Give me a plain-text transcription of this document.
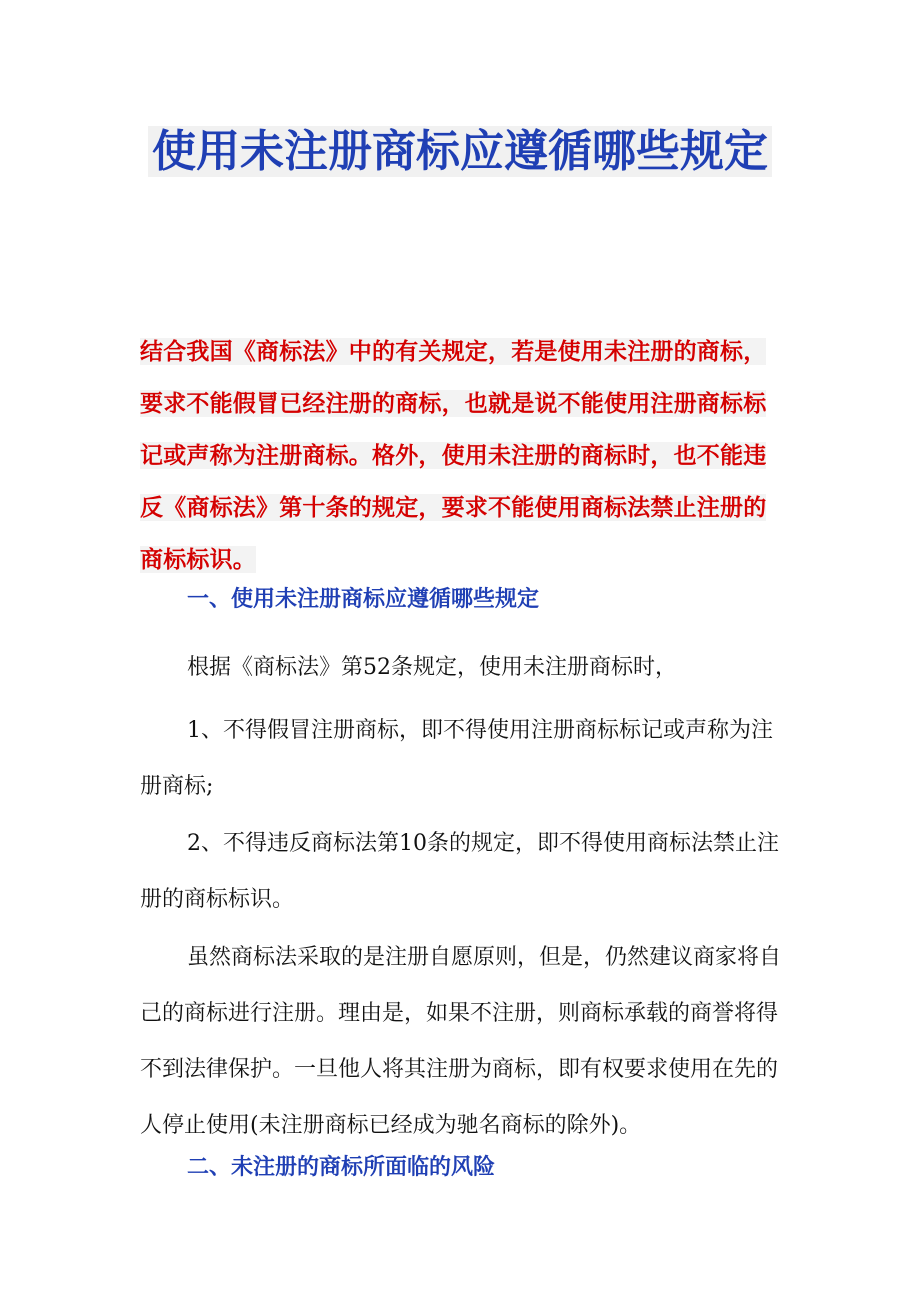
使用未注册商标应遵循哪些规定

结合我国《商标法》中的有关规定，若是使用未注册的商标，要求不能假冒已经注册的商标，也就是说不能使用注册商标标记或声称为注册商标。格外，使用未注册的商标时，也不能违反《商标法》第十条的规定，要求不能使用商标法禁止注册的商标标识。

一、使用未注册商标应遵循哪些规定

根据《商标法》第52条规定，使用未注册商标时，

1、不得假冒注册商标，即不得使用注册商标标记或声称为注册商标;

2、不得违反商标法第10条的规定，即不得使用商标法禁止注册的商标标识。

虽然商标法采取的是注册自愿原则，但是，仍然建议商家将自己的商标进行注册。理由是，如果不注册，则商标承载的商誉将得不到法律保护。一旦他人将其注册为商标，即有权要求使用在先的人停止使用(未注册商标已经成为驰名商标的除外)。

二、未注册的商标所面临的风险
